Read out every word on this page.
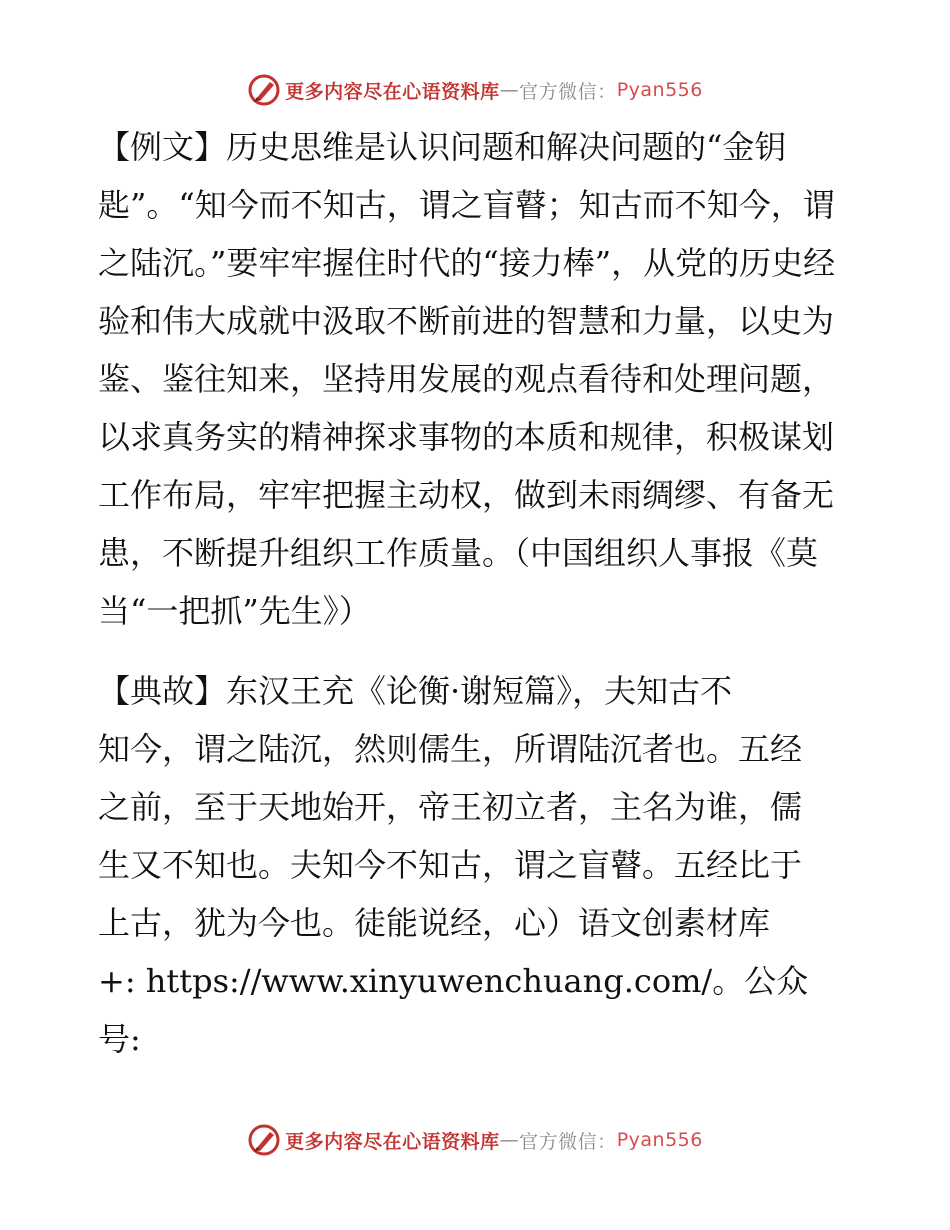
更多内容尽在心语资料库 — 官方微信： Pyan556

【例文】历史思维是认识问题和解决问题的“金钥匙”。“知今而不知古，谓之盲瞽；知古而不知今，谓之陆沉。”要牢牢握住时代的“接力棒”，从党的历史经验和伟大成就中汲取不断前进的智慧和力量，以史为鉴、鉴往知来，坚持用发展的观点看待和处理问题，以求真务实的精神探求事物的本质和规律，积极谋划工作布局，牢牢把握主动权，做到未雨绸缪、有备无患，不断提升组织工作质量。（中国组织人事报《莫当“一把抓”先生》）

【典故】东汉王充《论衡·谢短篇》，夫知古不
知今，谓之陆沉，然则儒生，所谓陆沉者也。五经
之前，至于天地始开，帝王初立者，主名为谁，儒
生又不知也。夫知今不知古，谓之盲瞽。五经比于
上古，犹为今也。徒能说经，心）语文创素材库
+: https://www.xinyuwenchuang.com/。公众号:
更多内容尽在心语资料库 — 官方微信： Pyan556
